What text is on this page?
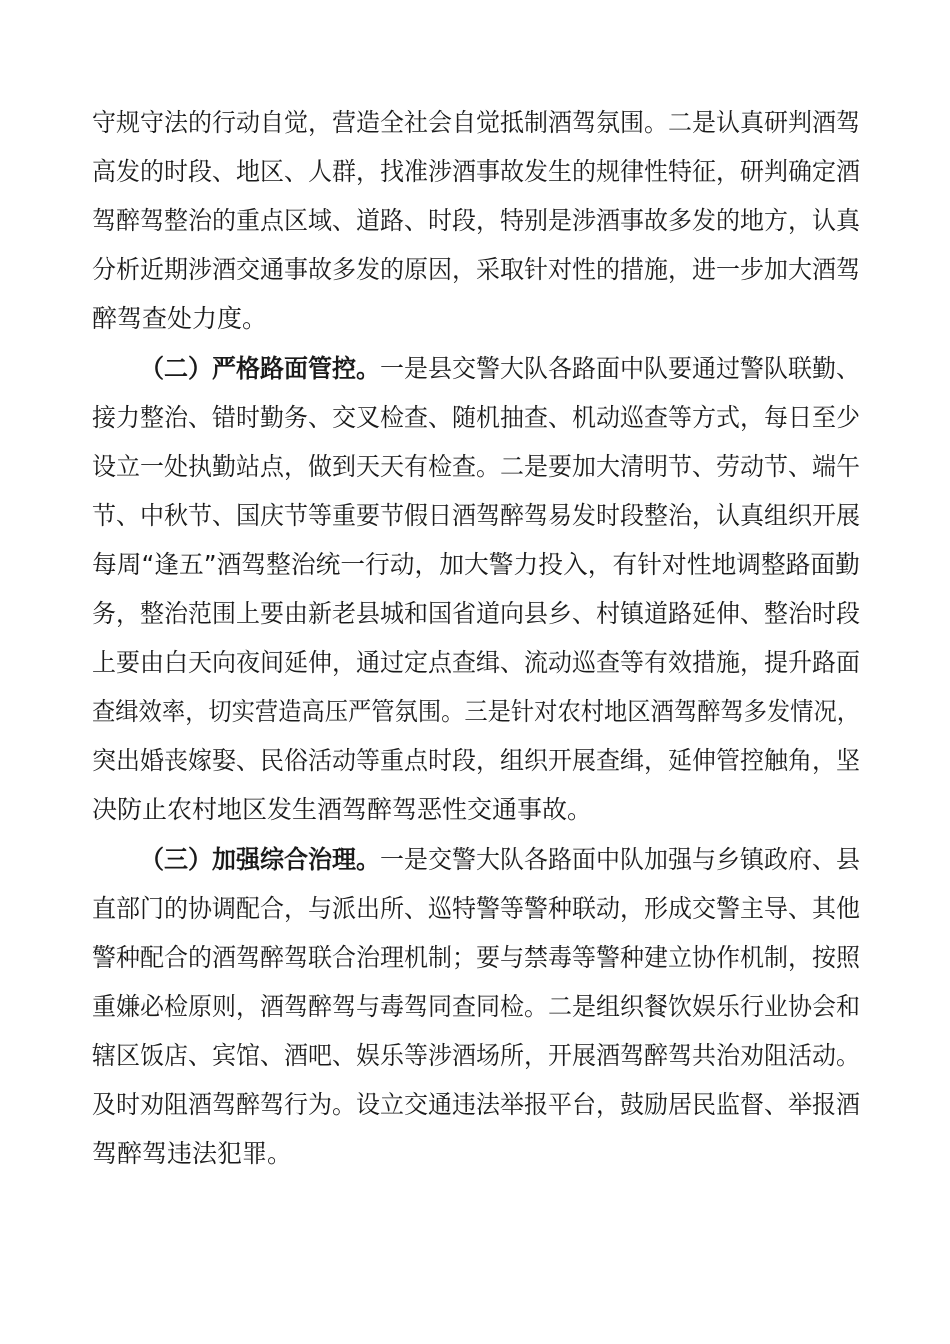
守规守法的行动自觉，营造全社会自觉抵制酒驾氛围。二是认真研判酒驾
高发的时段、地区、人群，找准涉酒事故发生的规律性特征，研判确定酒
驾醉驾整治的重点区域、道路、时段，特别是涉酒事故多发的地方，认真
分析近期涉酒交通事故多发的原因，采取针对性的措施，进一步加大酒驾
醉驾查处力度。
（二）严格路面管控。一是县交警大队各路面中队要通过警队联勤、
接力整治、错时勤务、交叉检查、随机抽查、机动巡查等方式，每日至少
设立一处执勤站点，做到天天有检查。二是要加大清明节、劳动节、端午
节、中秋节、国庆节等重要节假日酒驾醉驾易发时段整治，认真组织开展
每周“逢五”酒驾整治统一行动，加大警力投入，有针对性地调整路面勤
务，整治范围上要由新老县城和国省道向县乡、村镇道路延伸、整治时段
上要由白天向夜间延伸，通过定点查缉、流动巡查等有效措施，提升路面
查缉效率，切实营造高压严管氛围。三是针对农村地区酒驾醉驾多发情况，
突出婚丧嫁娶、民俗活动等重点时段，组织开展查缉，延伸管控触角，坚
决防止农村地区发生酒驾醉驾恶性交通事故。
（三）加强综合治理。一是交警大队各路面中队加强与乡镇政府、县
直部门的协调配合，与派出所、巡特警等警种联动，形成交警主导、其他
警种配合的酒驾醉驾联合治理机制；要与禁毒等警种建立协作机制，按照
重嫌必检原则，酒驾醉驾与毒驾同查同检。二是组织餐饮娱乐行业协会和
辖区饭店、宾馆、酒吧、娱乐等涉酒场所，开展酒驾醉驾共治劝阻活动。
及时劝阻酒驾醉驾行为。设立交通违法举报平台，鼓励居民监督、举报酒
驾醉驾违法犯罪。
